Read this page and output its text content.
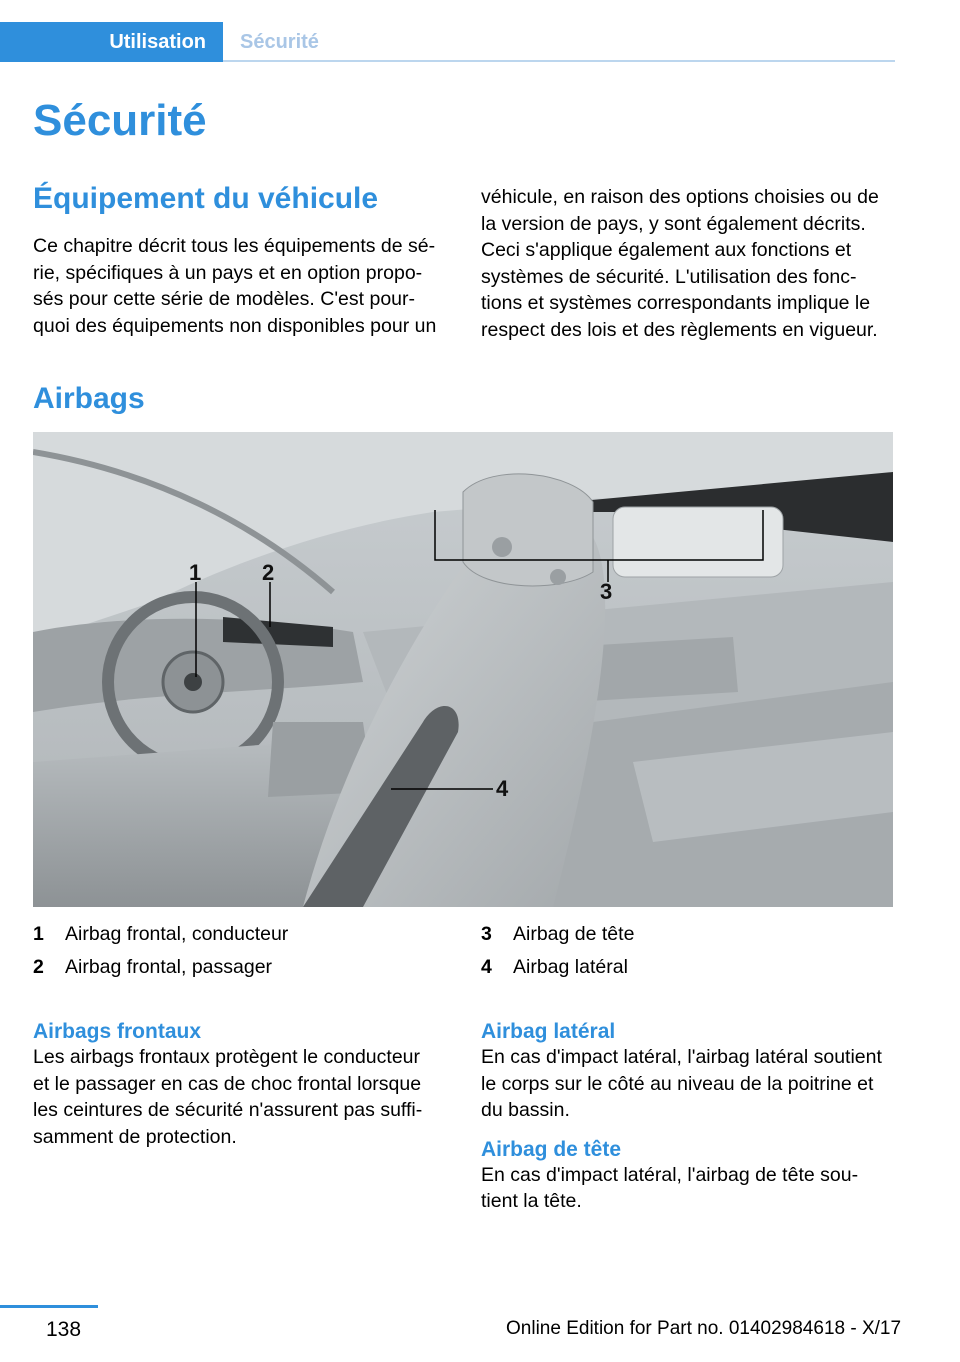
Utilisation	Sécurité
Sécurité
Équipement du véhicule

Ce chapitre décrit tous les équipements de sé-

rie, spécifiques à un pays et en option propo-

sés pour cette série de modèles. C'est pour-

quoi des équipements non disponibles pour un

véhicule, en raison des options choisies ou de

la version de pays, y sont également décrits.

Ceci s'applique également aux fonctions et

systèmes de sécurité. L'utilisation des fonc-

tions et systèmes correspondants implique le

respect des lois et des règlements en vigueur.

Airbags
1	2
3
4
1	Airbag frontal, conducteur
2	Airbag frontal, passager
3	Airbag de tête
4	Airbag latéral
Airbags frontaux

Les airbags frontaux protègent le conducteur

et le passager en cas de choc frontal lorsque

les ceintures de sécurité n'assurent pas suffi-

samment de protection.

Airbag latéral

En cas d'impact latéral, l'airbag latéral soutient

le corps sur le côté au niveau de la poitrine et

du bassin.

Airbag de tête

En cas d'impact latéral, l'airbag de tête sou-

tient la tête.

138	Online Edition for Part no. 01402984618 - X/17
